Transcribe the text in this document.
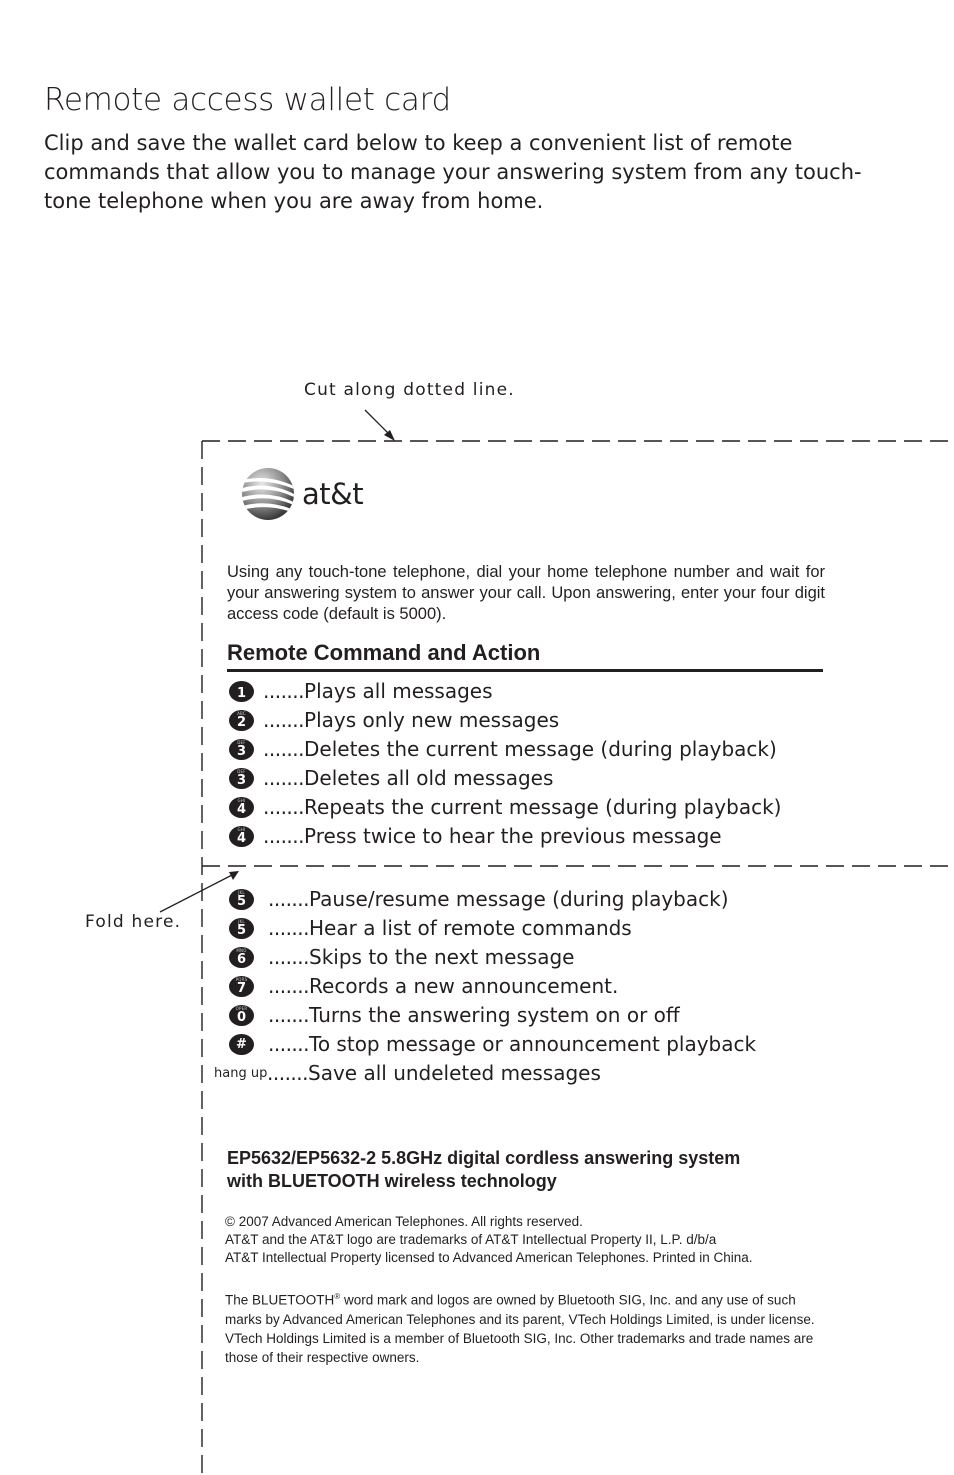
Remote access wallet card
Clip and save the wallet card below to keep a convenient list of remote commands that allow you to manage your answering system from any touch-tone telephone when you are away from home.
Cut along dotted line.
Fold here.
at&t
Using any touch-tone telephone, dial your home telephone number and wait for your answering system to answer your call. Upon answering, enter your four digit access code (default is 5000).
Remote Command and Action
1 .......Plays all messages
ABC
2 .......Plays only new messages
DEF
3 .......Deletes the current message (during playback)
DEF
3 .......Deletes all old messages
GHI
4 .......Repeats the current message (during playback)
GHI
4 .......Press twice to hear the previous message
JKL
5 .......Pause/resume message (during playback)
JKL
5 .......Hear a list of remote commands
MNO
6 .......Skips to the next message
PQRS
7 .......Records a new announcement.
OPER
0 .......Turns the answering system on or off
# .......To stop message or announcement playback
hang up .......Save all undeleted messages
EP5632/EP5632-2 5.8GHz digital cordless answering system with BLUETOOTH wireless technology
© 2007 Advanced American Telephones. All rights reserved.
AT&T and the AT&T logo are trademarks of AT&T Intellectual Property II, L.P. d/b/a
AT&T Intellectual Property licensed to Advanced American Telephones. Printed in China.
The BLUETOOTH® word mark and logos are owned by Bluetooth SIG, Inc. and any use of such marks by Advanced American Telephones and its parent, VTech Holdings Limited, is under license. VTech Holdings Limited is a member of Bluetooth SIG, Inc. Other trademarks and trade names are those of their respective owners.
